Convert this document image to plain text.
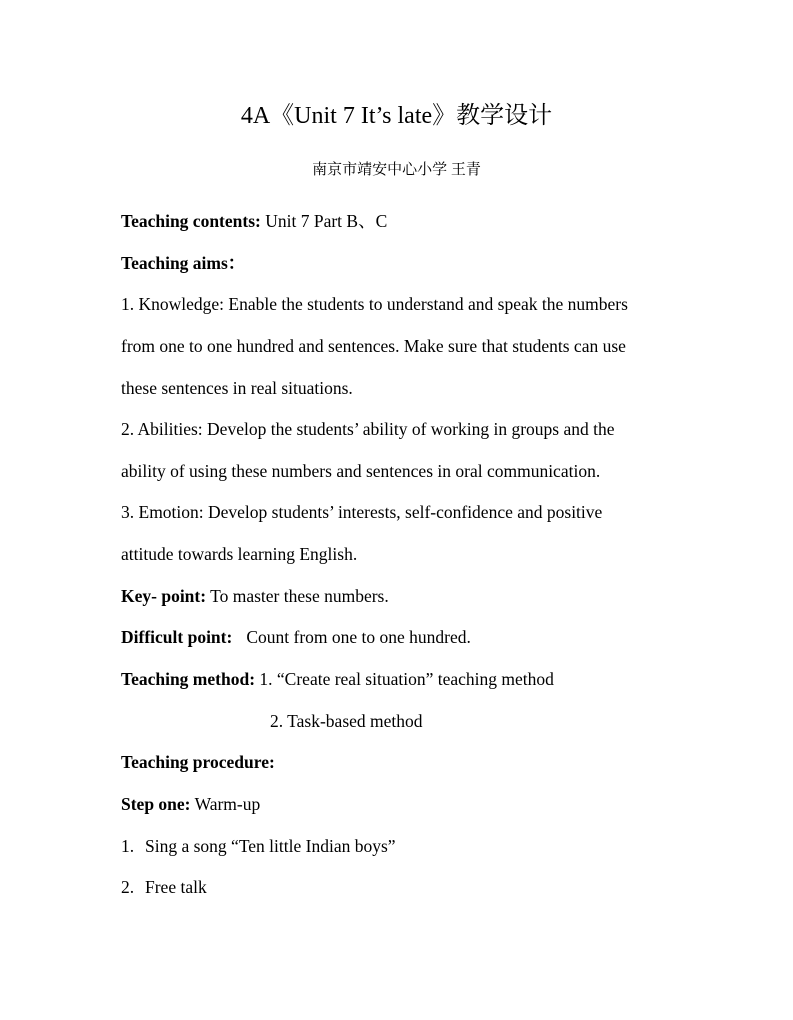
4A《Unit 7 It’s late》教学设计
南京市靖安中心小学 王青
Teaching contents: Unit 7 Part B、C
Teaching aims：
1. Knowledge: Enable the students to understand and speak the numbers
from one to one hundred and sentences. Make sure that students can use
these sentences in real situations.
2. Abilities: Develop the students’ ability of working in groups and the
ability of using these numbers and sentences in oral communication.
3. Emotion: Develop students’ interests, self-confidence and positive
attitude towards learning English.
Key- point: To master these numbers.
Difficult point: Count from one to one hundred.
Teaching method: 1. “Create real situation” teaching method
2. Task-based method
Teaching procedure:
Step one: Warm-up
1. Sing a song “Ten little Indian boys”
2. Free talk
